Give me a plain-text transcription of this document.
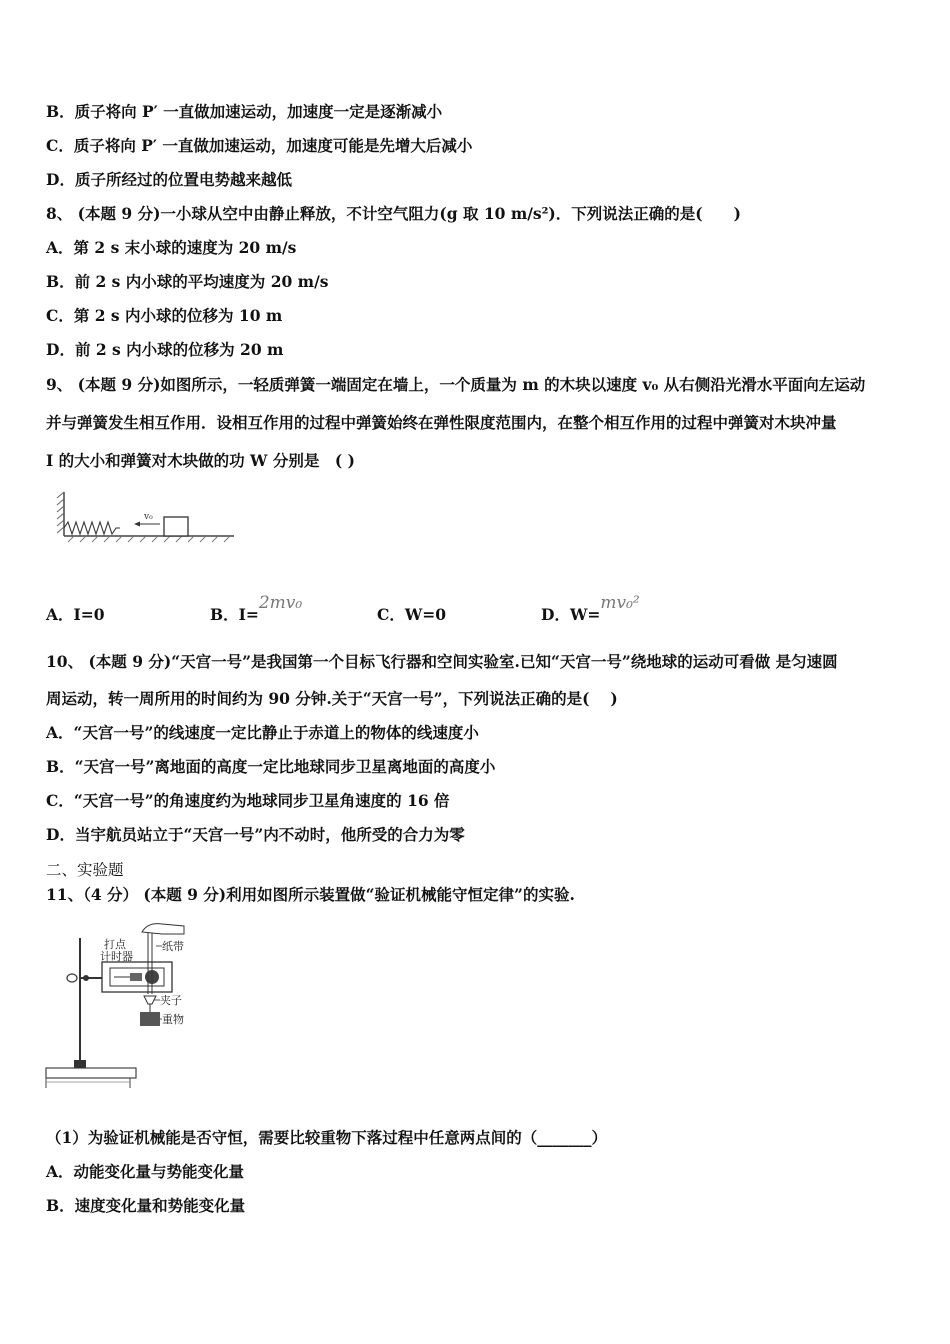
B．质子将向 P′ 一直做加速运动，加速度一定是逐渐减小
C．质子将向 P′ 一直做加速运动，加速度可能是先增大后减小
D．质子所经过的位置电势越来越低
8、 (本题 9 分)一小球从空中由静止释放，不计空气阻力(g 取 10 m/s²)．下列说法正确的是(　　)
A．第 2 s 末小球的速度为 20 m/s
B．前 2 s 内小球的平均速度为 20 m/s
C．第 2 s 内小球的位移为 10 m
D．前 2 s 内小球的位移为 20 m
9、 (本题 9 分)如图所示，一轻质弹簧一端固定在墙上，一个质量为 m 的木块以速度 v₀ 从右侧沿光滑水平面向左运动
并与弹簧发生相互作用．设相互作用的过程中弹簧始终在弹性限度范围内，在整个相互作用的过程中弹簧对木块冲量
I 的大小和弹簧对木块做的功 W 分别是　( )
v₀
A．I=0	B．I=2mv₀
C．W=0	D．W=mv₀²
10、 (本题 9 分)“天宫一号”是我国第一个目标飞行器和空间实验室.已知“天宫一号”绕地球的运动可看做 是匀速圆
周运动，转一周所用的时间约为 90 分钟.关于“天宫一号”，下列说法正确的是(　 )
A．“天宫一号”的线速度一定比静止于赤道上的物体的线速度小
B．“天宫一号”离地面的高度一定比地球同步卫星离地面的高度小
C．“天宫一号”的角速度约为地球同步卫星角速度的 16 倍
D．当宇航员站立于“天宫一号”内不动时，他所受的合力为零
二、实验题
11、（4 分） (本题 9 分)利用如图所示装置做“验证机械能守恒定律”的实验.
打点
计时器
纸带
夹子
重物
（1）为验证机械能是否守恒，需要比较重物下落过程中任意两点间的（_______）
A．动能变化量与势能变化量
B．速度变化量和势能变化量
